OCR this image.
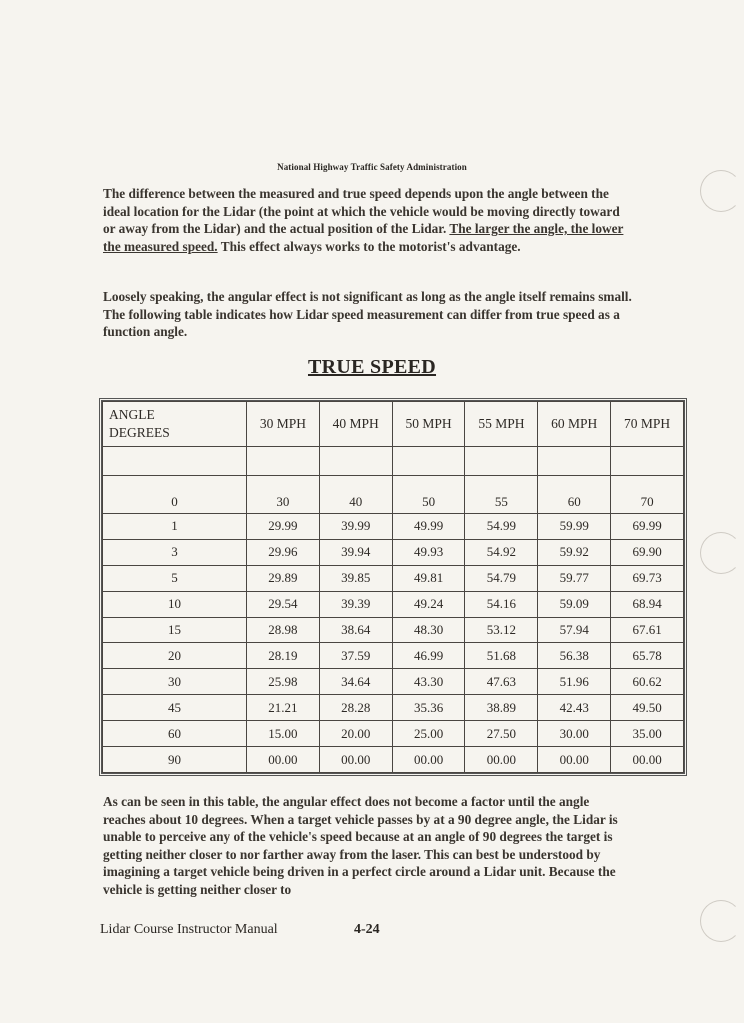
National Highway Traffic Safety Administration
The difference between the measured and true speed depends upon the angle between the ideal location for the Lidar (the point at which the vehicle would be moving directly toward or away from the Lidar) and the actual position of the Lidar. The larger the angle, the lower the measured speed. This effect always works to the motorist's advantage.
Loosely speaking, the angular effect is not significant as long as the angle itself remains small. The following table indicates how Lidar speed measurement can differ from true speed as a function angle.
TRUE SPEED
ANGLE
DEGREES	30 MPH	40 MPH	50 MPH	55 MPH	60 MPH	70 MPH

0	30	40	50	55	60	70
1	29.99	39.99	49.99	54.99	59.99	69.99
3	29.96	39.94	49.93	54.92	59.92	69.90
5	29.89	39.85	49.81	54.79	59.77	69.73
10	29.54	39.39	49.24	54.16	59.09	68.94
15	28.98	38.64	48.30	53.12	57.94	67.61
20	28.19	37.59	46.99	51.68	56.38	65.78
30	25.98	34.64	43.30	47.63	51.96	60.62
45	21.21	28.28	35.36	38.89	42.43	49.50
60	15.00	20.00	25.00	27.50	30.00	35.00
90	00.00	00.00	00.00	00.00	00.00	00.00
As can be seen in this table, the angular effect does not become a factor until the angle reaches about 10 degrees. When a target vehicle passes by at a 90 degree angle, the Lidar is unable to perceive any of the vehicle's speed because at an angle of 90 degrees the target is getting neither closer to nor farther away from the laser. This can best be understood by imagining a target vehicle being driven in a perfect circle around a Lidar unit. Because the vehicle is getting neither closer to
Lidar Course Instructor Manual	4-24
